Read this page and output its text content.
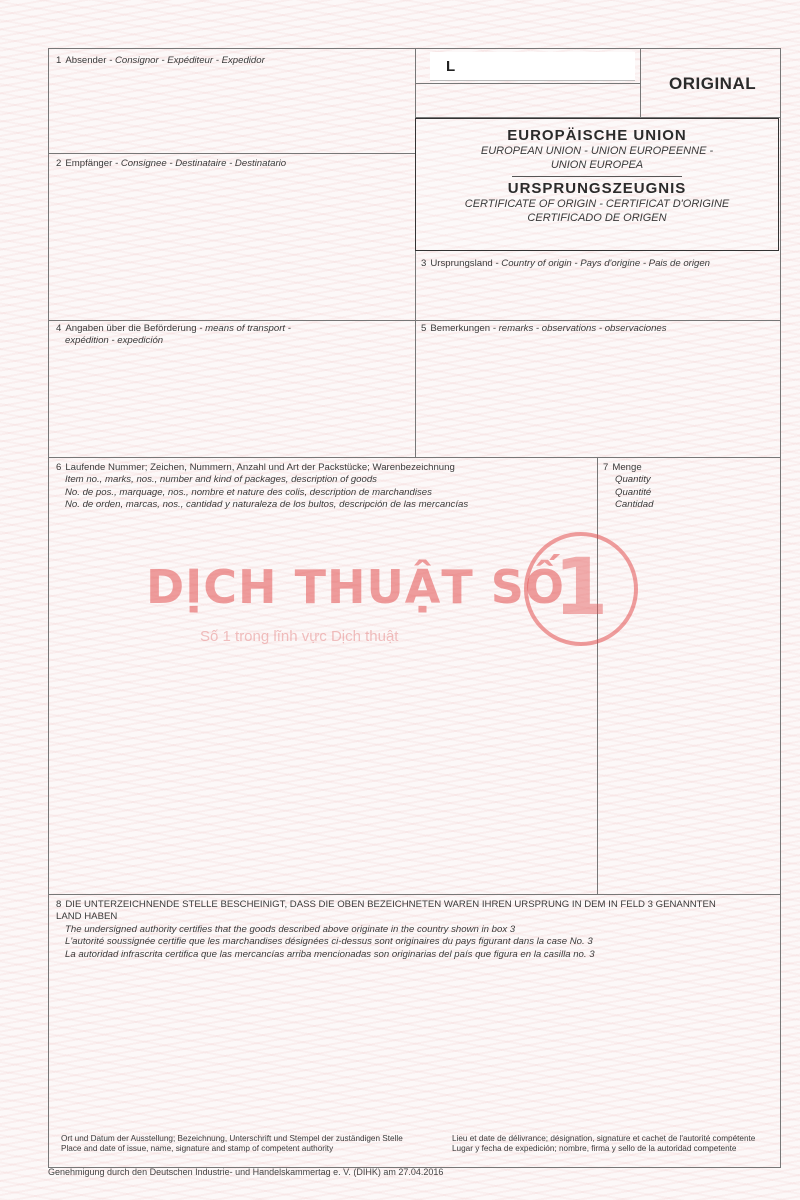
L
ORIGINAL
EUROPÄISCHE UNION
EUROPEAN UNION - UNION EUROPEENNE - UNION EUROPEA
URSPRUNGSZEUGNIS
CERTIFICATE OF ORIGIN - CERTIFICAT D'ORIGINE CERTIFICADO DE ORIGEN
1 Absender - Consignor - Expéditeur - Expedidor
2 Empfänger - Consignee - Destinataire - Destinatario
3 Ursprungsland - Country of origin - Pays d'origine - Pais de origen
4 Angaben über die Beförderung - means of transport -
expédition - expedición
5 Bemerkungen - remarks - observations - observaciones
6 Laufende Nummer; Zeichen, Nummern, Anzahl und Art der Packstücke; Warenbezeichnung
Item no., marks, nos., number and kind of packages, description of goods
No. de pos., marquage, nos., nombre et nature des colis, description de marchandises
No. de orden, marcas, nos., cantidad y naturaleza de los bultos, descripción de las mercancías
7 Menge
Quantity
Quantité
Cantidad
8 DIE UNTERZEICHNENDE STELLE BESCHEINIGT, DASS DIE OBEN BEZEICHNETEN WAREN IHREN URSPRUNG IN DEM IN FELD 3 GENANNTEN LAND HABEN
The undersigned authority certifies that the goods described above originate in the country shown in box 3
L'autorité soussignée certifie que les marchandises désignées ci-dessus sont originaires du pays figurant dans la case No. 3
La autoridad infrascrita certifica que las mercancías arriba mencionadas son originarias del país que figura en la casilla no. 3
Ort und Datum der Ausstellung; Bezeichnung, Unterschrift und Stempel der zuständigen Stelle
Place and date of issue, name, signature and stamp of competent authority
Lieu et date de délivrance; désignation, signature et cachet de l'autorité compétente
Lugar y fecha de expedición; nombre, firma y sello de la autoridad competente
Genehmigung durch den Deutschen Industrie- und Handelskammertag e. V. (DIHK) am 27.04.2016
DỊCH THUẬT SỐ
Số 1 trong lĩnh vực Dịch thuật
1
